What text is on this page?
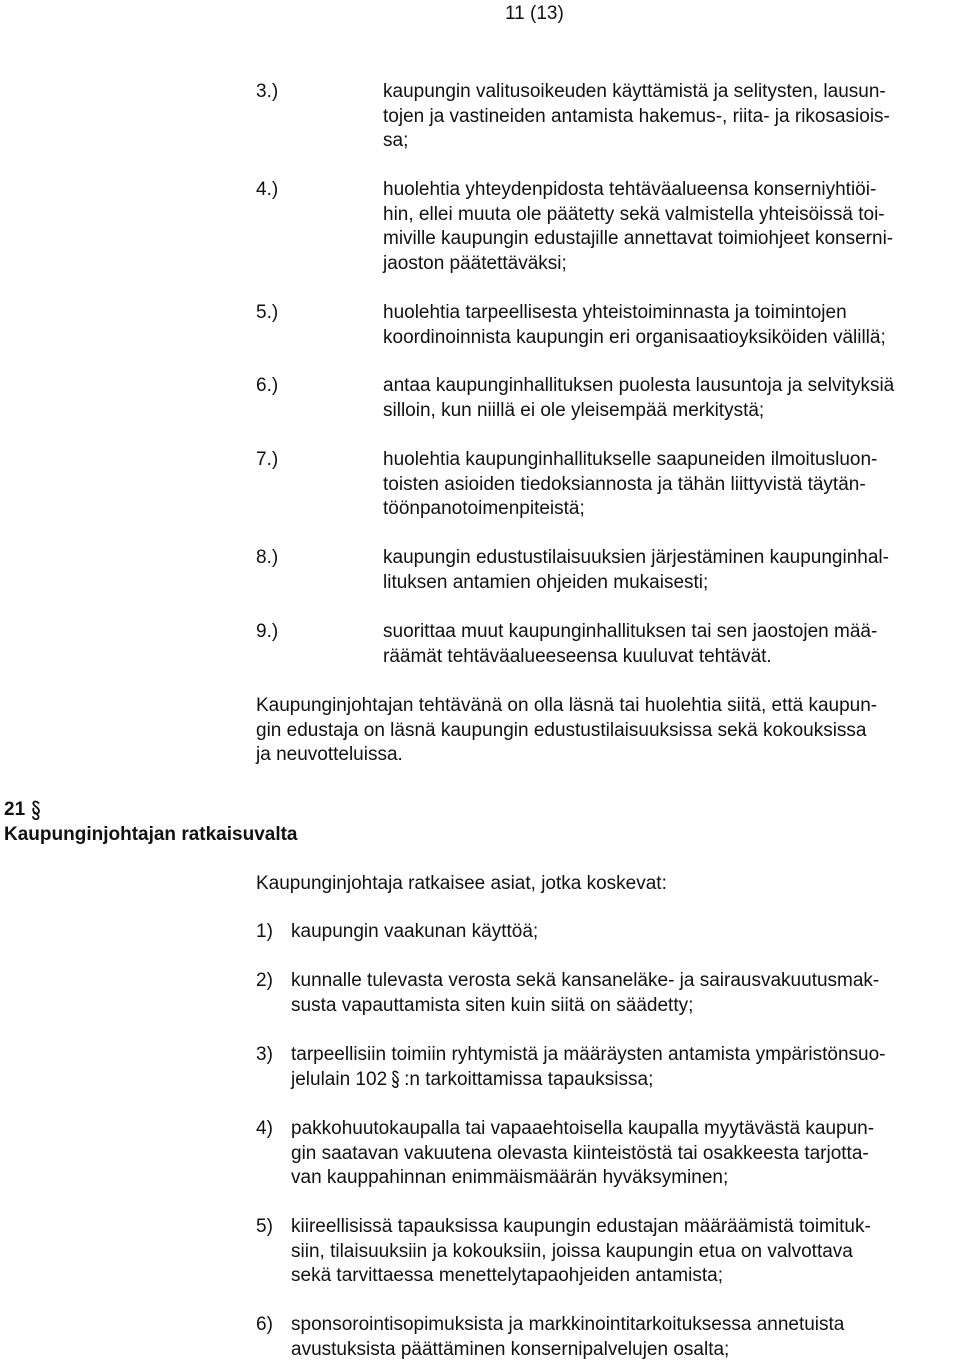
11 (13)
3.)	kaupungin valitusoikeuden käyttämistä ja selitysten, lausun-
tojen ja vastineiden antamista hakemus-, riita- ja rikosasiois-
sa;
4.)	huolehtia yhteydenpidosta tehtäväalueensa konserniyhtiöi-
hin, ellei muuta ole päätetty sekä valmistella yhteisöissä toi-
miville kaupungin edustajille annettavat toimiohjeet konserni-
jaoston päätettäväksi;
5.)	huolehtia tarpeellisesta yhteistoiminnasta ja toimintojen
koordinoinnista kaupungin eri organisaatioyksiköiden välillä;
6.)	antaa kaupunginhallituksen puolesta lausuntoja ja selvityksiä
silloin, kun niillä ei ole yleisempää merkitystä;
7.)	huolehtia kaupunginhallitukselle saapuneiden ilmoitusluon-
toisten asioiden tiedoksiannosta ja tähän liittyvistä täytän-
töönpanotoimenpiteistä;
8.)	kaupungin edustustilaisuuksien järjestäminen kaupunginhal-
lituksen antamien ohjeiden mukaisesti;
9.)	suorittaa muut kaupunginhallituksen tai sen jaostojen mää-
räämät tehtäväalueeseensa kuuluvat tehtävät.
Kaupunginjohtajan tehtävänä on olla läsnä tai huolehtia siitä, että kaupun-
gin edustaja on läsnä kaupungin edustustilaisuuksissa sekä kokouksissa
ja neuvotteluissa.
21
Kaupunginjohtajan ratkaisuvalta
Kaupunginjohtaja ratkaisee asiat, jotka koskevat:
1) kaupungin vaakunan käyttöä;
2) kunnalle tulevasta verosta sekä kansaneläke- ja sairausvakuutusmak-
susta vapauttamista siten kuin siitä on säädetty;
3) tarpeellisiin toimiin ryhtymistä ja määräysten antamista ympäristönsuo-
jelulain 102 :n tarkoittamissa tapauksissa;
4) pakkohuutokaupalla tai vapaaehtoisella kaupalla myytävästä kaupun-
gin saatavan vakuutena olevasta kiinteistöstä tai osakkeesta tarjotta-
van kauppahinnan enimmäismäärän hyväksyminen;
5) kiireellisissä tapauksissa kaupungin edustajan määräämistä toimituk-
siin, tilaisuuksiin ja kokouksiin, joissa kaupungin etua on valvottava
sekä tarvittaessa menettelytapaohjeiden antamista;
6) sponsorointisopimuksista ja markkinointitarkoituksessa annetuista
avustuksista päättäminen konsernipalvelujen osalta;
